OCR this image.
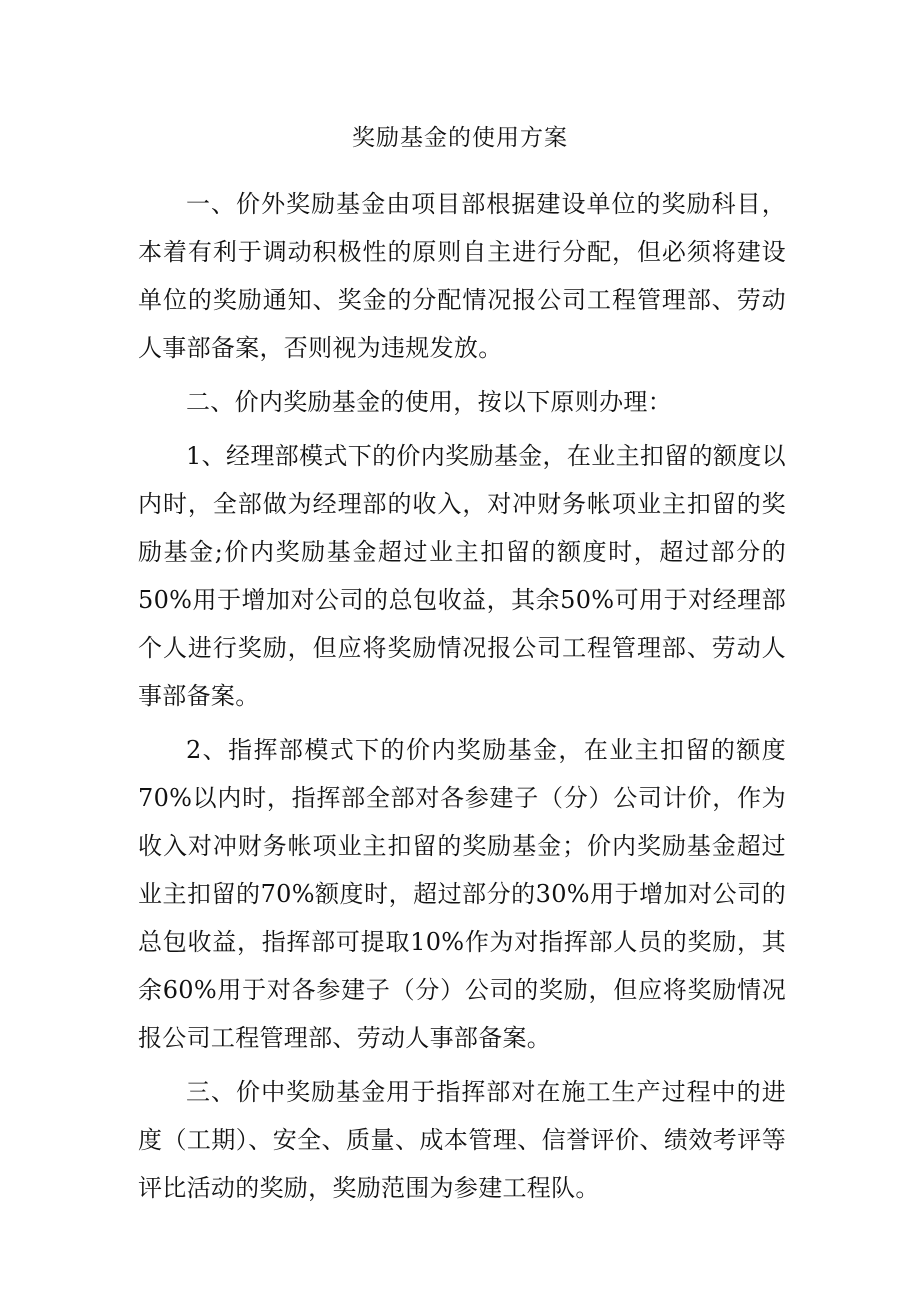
奖励基金的使用方案

一、价外奖励基金由项目部根据建设单位的奖励科目，本着有利于调动积极性的原则自主进行分配，但必须将建设单位的奖励通知、奖金的分配情况报公司工程管理部、劳动人事部备案，否则视为违规发放。

二、价内奖励基金的使用，按以下原则办理：

1、经理部模式下的价内奖励基金，在业主扣留的额度以内时，全部做为经理部的收入，对冲财务帐项业主扣留的奖励基金;价内奖励基金超过业主扣留的额度时，超过部分的50%用于增加对公司的总包收益，其余50%可用于对经理部个人进行奖励，但应将奖励情况报公司工程管理部、劳动人事部备案。

2、指挥部模式下的价内奖励基金，在业主扣留的额度70%以内时，指挥部全部对各参建子（分）公司计价，作为收入对冲财务帐项业主扣留的奖励基金；价内奖励基金超过业主扣留的70%额度时，超过部分的30%用于增加对公司的总包收益，指挥部可提取10%作为对指挥部人员的奖励，其余60%用于对各参建子（分）公司的奖励，但应将奖励情况报公司工程管理部、劳动人事部备案。

三、价中奖励基金用于指挥部对在施工生产过程中的进度（工期）、安全、质量、成本管理、信誉评价、绩效考评等评比活动的奖励，奖励范围为参建工程队。
